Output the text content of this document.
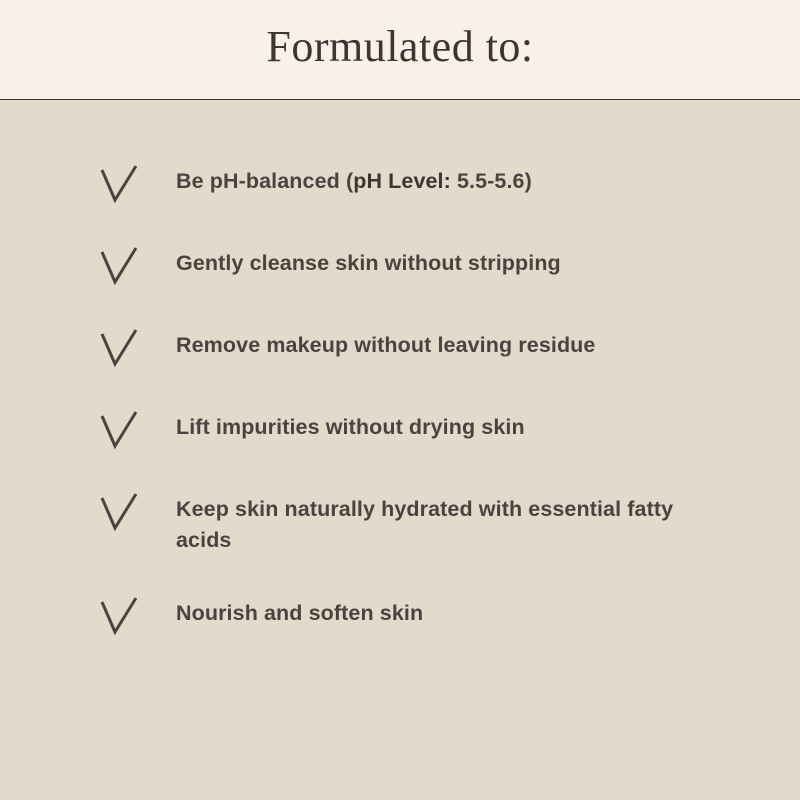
Formulated to:
Be pH-balanced (pH Level: 5.5-5.6)
Gently cleanse skin without stripping
Remove makeup without leaving residue
Lift impurities without drying skin
Keep skin naturally hydrated with essential fatty acids
Nourish and soften skin
